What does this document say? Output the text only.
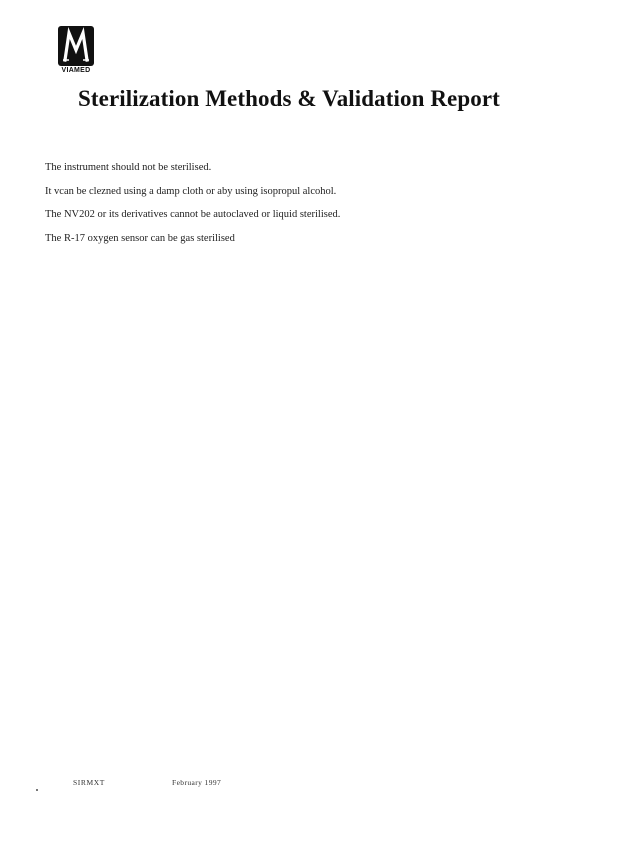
VIAMED
Sterilization Methods & Validation Report
The instrument should not be sterilised.
It vcan be clezned using a damp cloth or aby using isopropul alcohol.
The NV202 or its derivatives cannot be autoclaved or liquid sterilised.
The R-17 oxygen sensor can be gas sterilised
SIRMXT	February 1997
